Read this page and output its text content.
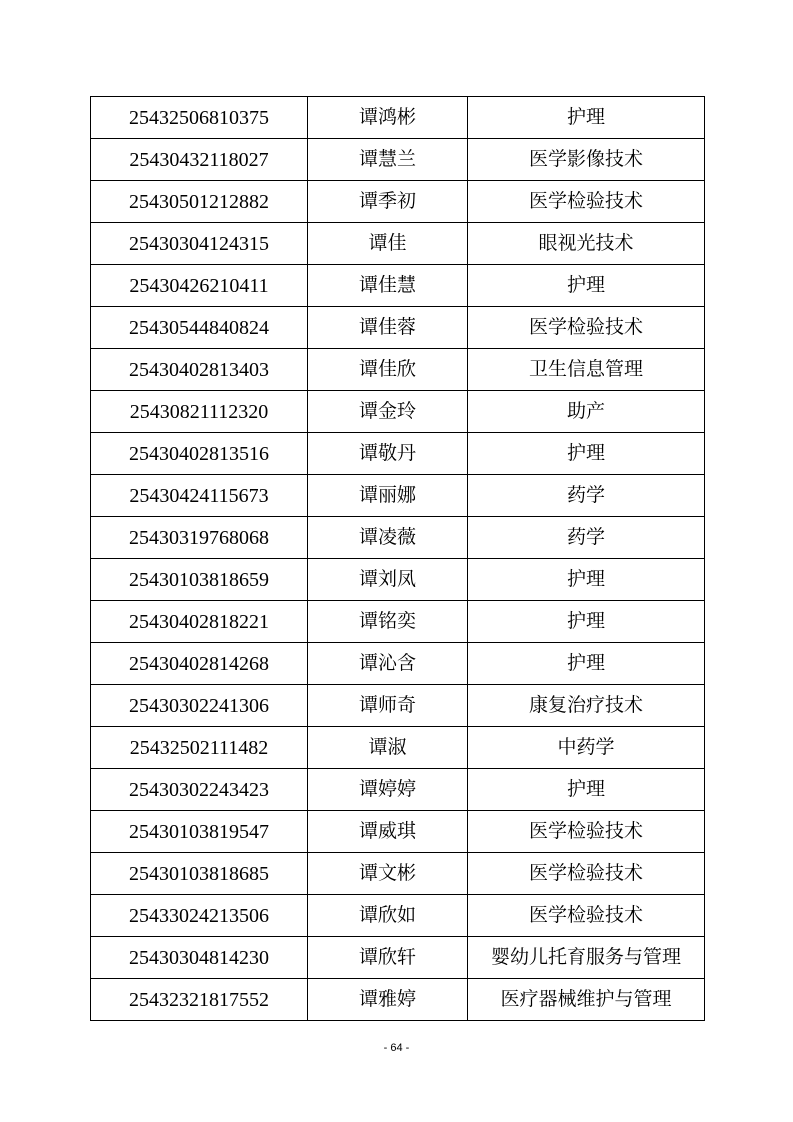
25432506810375	谭鸿彬	护理
25430432118027	谭慧兰	医学影像技术
25430501212882	谭季初	医学检验技术
25430304124315	谭佳	眼视光技术
25430426210411	谭佳慧	护理
25430544840824	谭佳蓉	医学检验技术
25430402813403	谭佳欣	卫生信息管理
25430821112320	谭金玲	助产
25430402813516	谭敬丹	护理
25430424115673	谭丽娜	药学
25430319768068	谭凌薇	药学
25430103818659	谭刘凤	护理
25430402818221	谭铭奕	护理
25430402814268	谭沁含	护理
25430302241306	谭师奇	康复治疗技术
25432502111482	谭淑	中药学
25430302243423	谭婷婷	护理
25430103819547	谭威琪	医学检验技术
25430103818685	谭文彬	医学检验技术
25433024213506	谭欣如	医学检验技术
25430304814230	谭欣轩	婴幼儿托育服务与管理
25432321817552	谭雅婷	医疗器械维护与管理
- 64 -
